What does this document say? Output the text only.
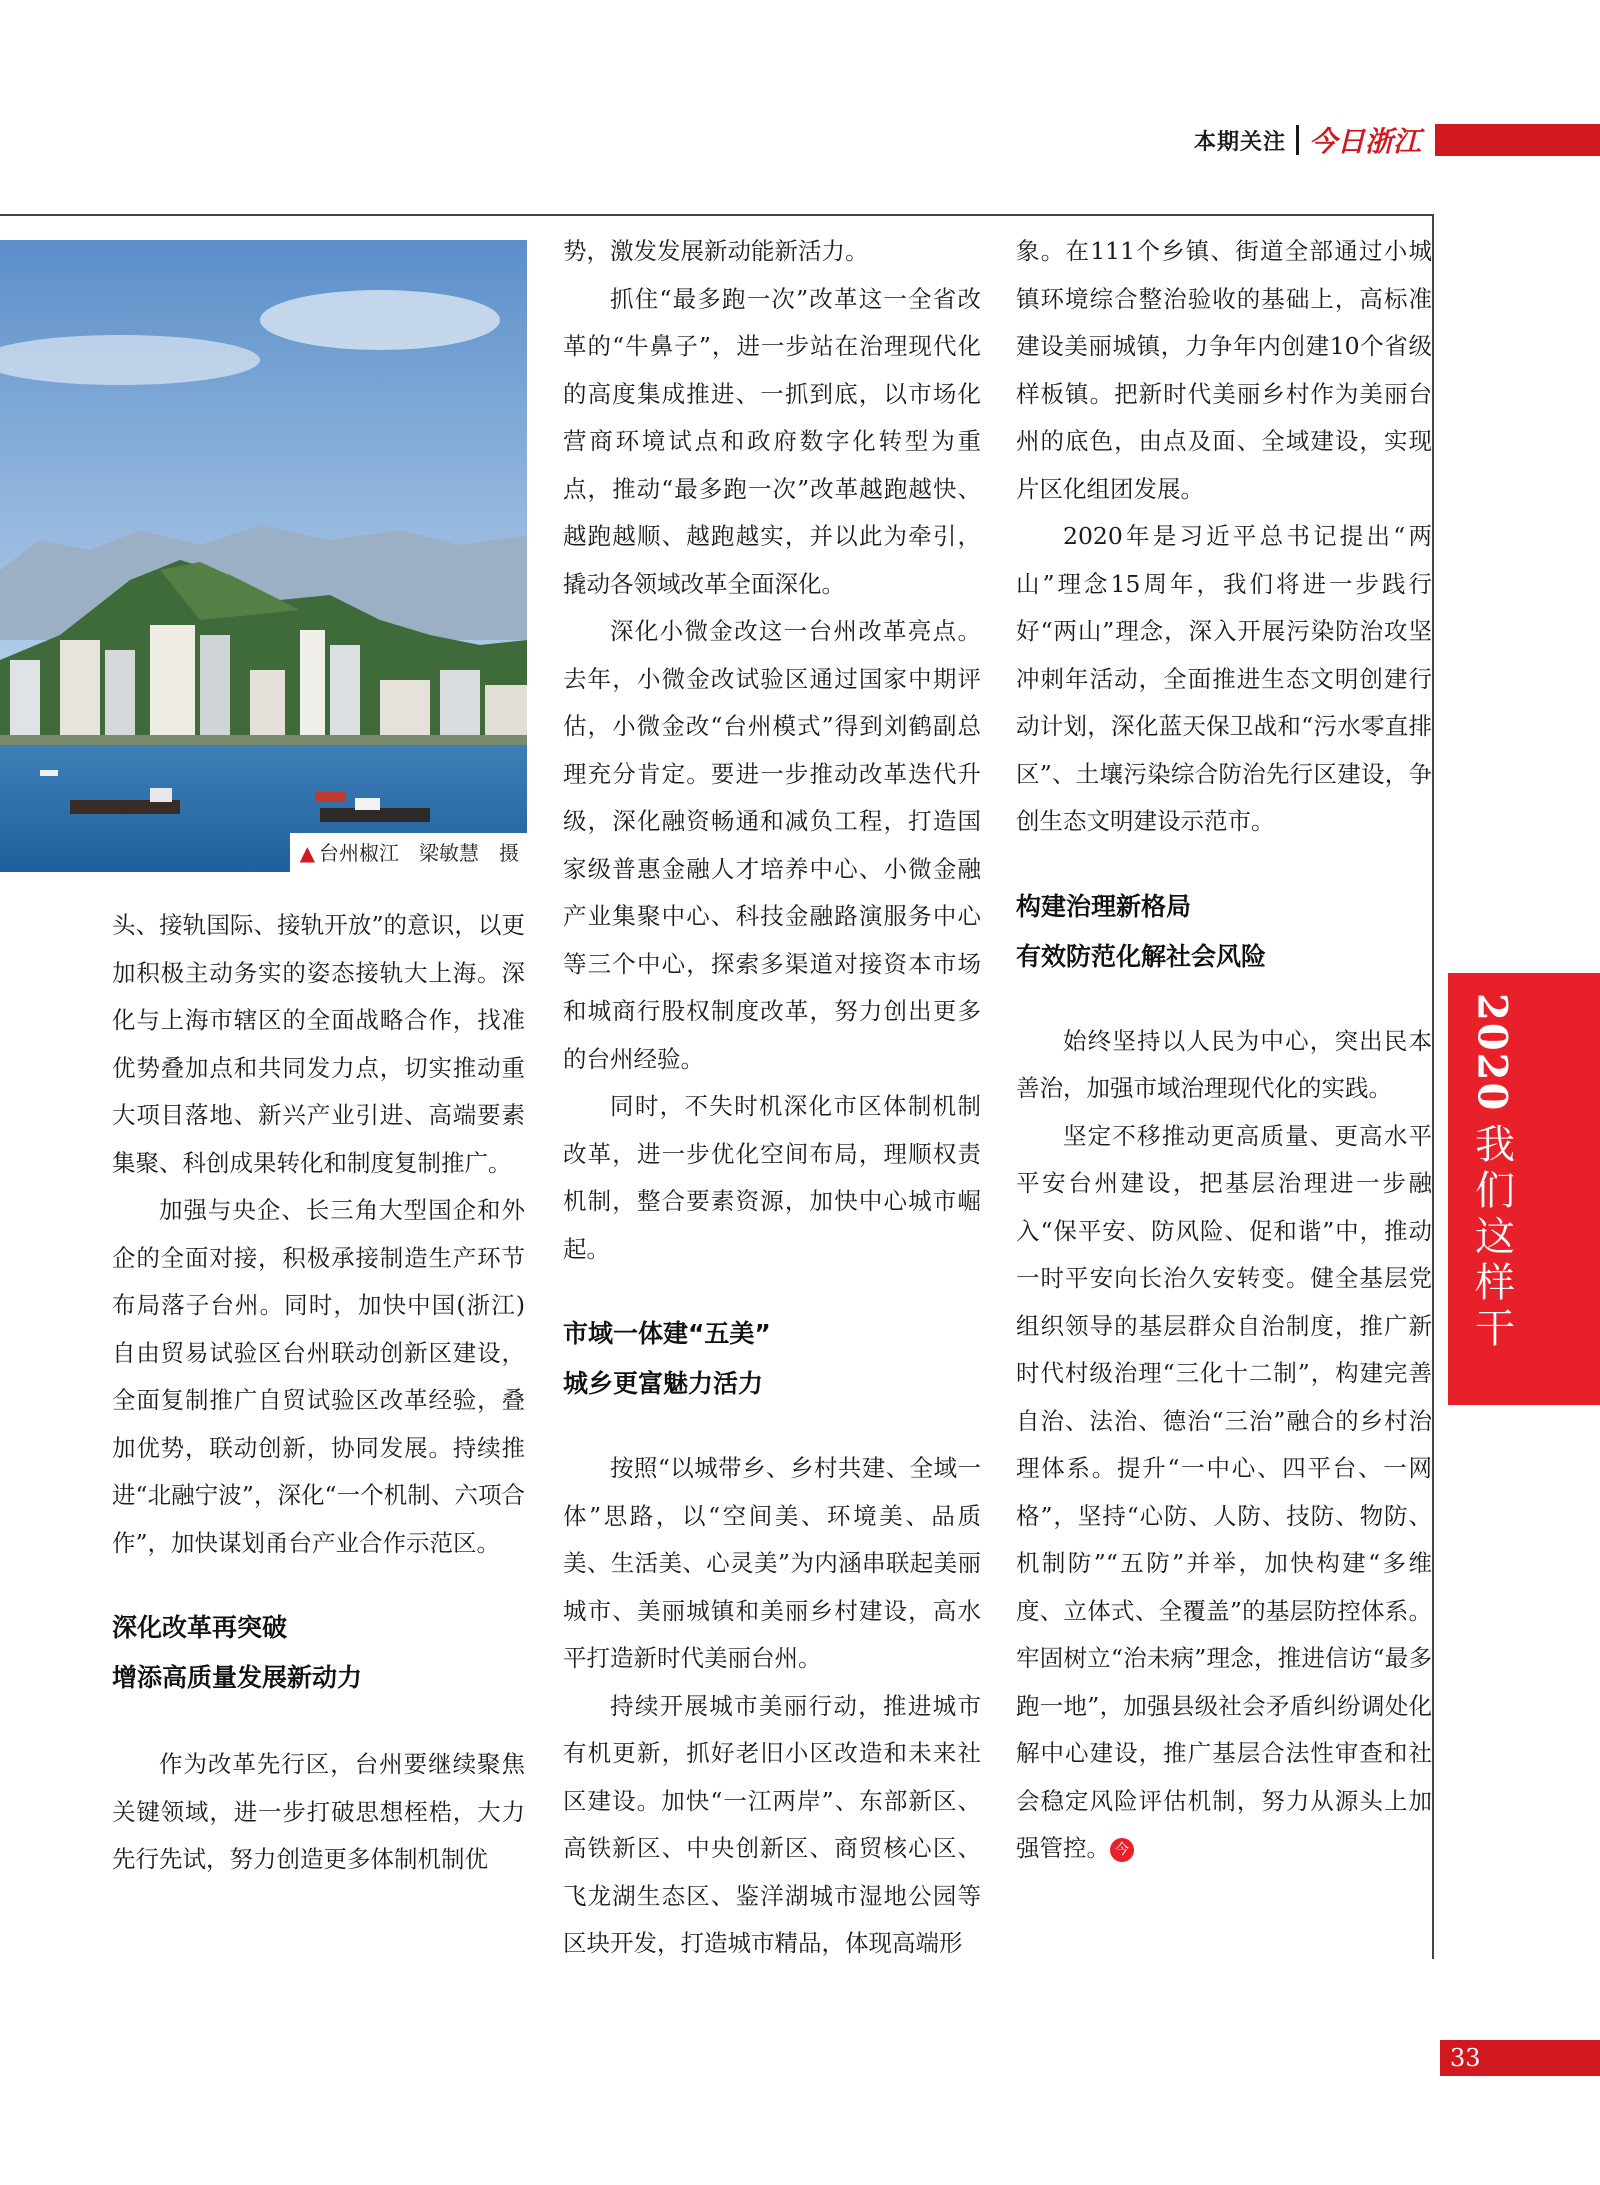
本期关注 今日浙江
▲ 台州椒江　梁敏慧　摄

头、接轨国际、接轨开放”的意识，以更加积极主动务实的姿态接轨大上海。深化与上海市辖区的全面战略合作，找准优势叠加点和共同发力点，切实推动重大项目落地、新兴产业引进、高端要素集聚、科创成果转化和制度复制推广。

加强与央企、长三角大型国企和外企的全面对接，积极承接制造生产环节布局落子台州。同时，加快中国(浙江)自由贸易试验区台州联动创新区建设，全面复制推广自贸试验区改革经验，叠加优势，联动创新，协同发展。持续推进“北融宁波”，深化“一个机制、六项合作”，加快谋划甬台产业合作示范区。

深化改革再突破
增添高质量发展新动力

作为改革先行区，台州要继续聚焦关键领域，进一步打破思想桎梏，大力先行先试，努力创造更多体制机制优

势，激发发展新动能新活力。

抓住“最多跑一次”改革这一全省改革的“牛鼻子”，进一步站在治理现代化的高度集成推进、一抓到底，以市场化营商环境试点和政府数字化转型为重点，推动“最多跑一次”改革越跑越快、越跑越顺、越跑越实，并以此为牵引，撬动各领域改革全面深化。

深化小微金改这一台州改革亮点。去年，小微金改试验区通过国家中期评估，小微金改“台州模式”得到刘鹤副总理充分肯定。要进一步推动改革迭代升级，深化融资畅通和减负工程，打造国家级普惠金融人才培养中心、小微金融产业集聚中心、科技金融路演服务中心等三个中心，探索多渠道对接资本市场和城商行股权制度改革，努力创出更多的台州经验。

同时，不失时机深化市区体制机制改革，进一步优化空间布局，理顺权责机制，整合要素资源，加快中心城市崛起。

市域一体建“五美”
城乡更富魅力活力

按照“以城带乡、乡村共建、全域一体”思路，以“空间美、环境美、品质美、生活美、心灵美”为内涵串联起美丽城市、美丽城镇和美丽乡村建设，高水平打造新时代美丽台州。

持续开展城市美丽行动，推进城市有机更新，抓好老旧小区改造和未来社区建设。加快“一江两岸”、东部新区、高铁新区、中央创新区、商贸核心区、飞龙湖生态区、鉴洋湖城市湿地公园等区块开发，打造城市精品，体现高端形

象。在111个乡镇、街道全部通过小城镇环境综合整治验收的基础上，高标准建设美丽城镇，力争年内创建10个省级样板镇。把新时代美丽乡村作为美丽台州的底色，由点及面、全域建设，实现片区化组团发展。

2020年是习近平总书记提出“两山”理念15周年，我们将进一步践行好“两山”理念，深入开展污染防治攻坚冲刺年活动，全面推进生态文明创建行动计划，深化蓝天保卫战和“污水零直排区”、土壤污染综合防治先行区建设，争创生态文明建设示范市。

构建治理新格局
有效防范化解社会风险

始终坚持以人民为中心，突出民本善治，加强市域治理现代化的实践。

坚定不移推动更高质量、更高水平平安台州建设，把基层治理进一步融入“保平安、防风险、促和谐”中，推动一时平安向长治久安转变。健全基层党组织领导的基层群众自治制度，推广新时代村级治理“三化十二制”，构建完善自治、法治、德治“三治”融合的乡村治理体系。提升“一中心、四平台、一网格”，坚持“心防、人防、技防、物防、机制防”“五防”并举，加快构建“多维度、立体式、全覆盖”的基层防控体系。牢固树立“治未病”理念，推进信访“最多跑一地”，加强县级社会矛盾纠纷调处化解中心建设，推广基层合法性审查和社会稳定风险评估机制，努力从源头上加强管控。 今

2020
我们这样干
33
